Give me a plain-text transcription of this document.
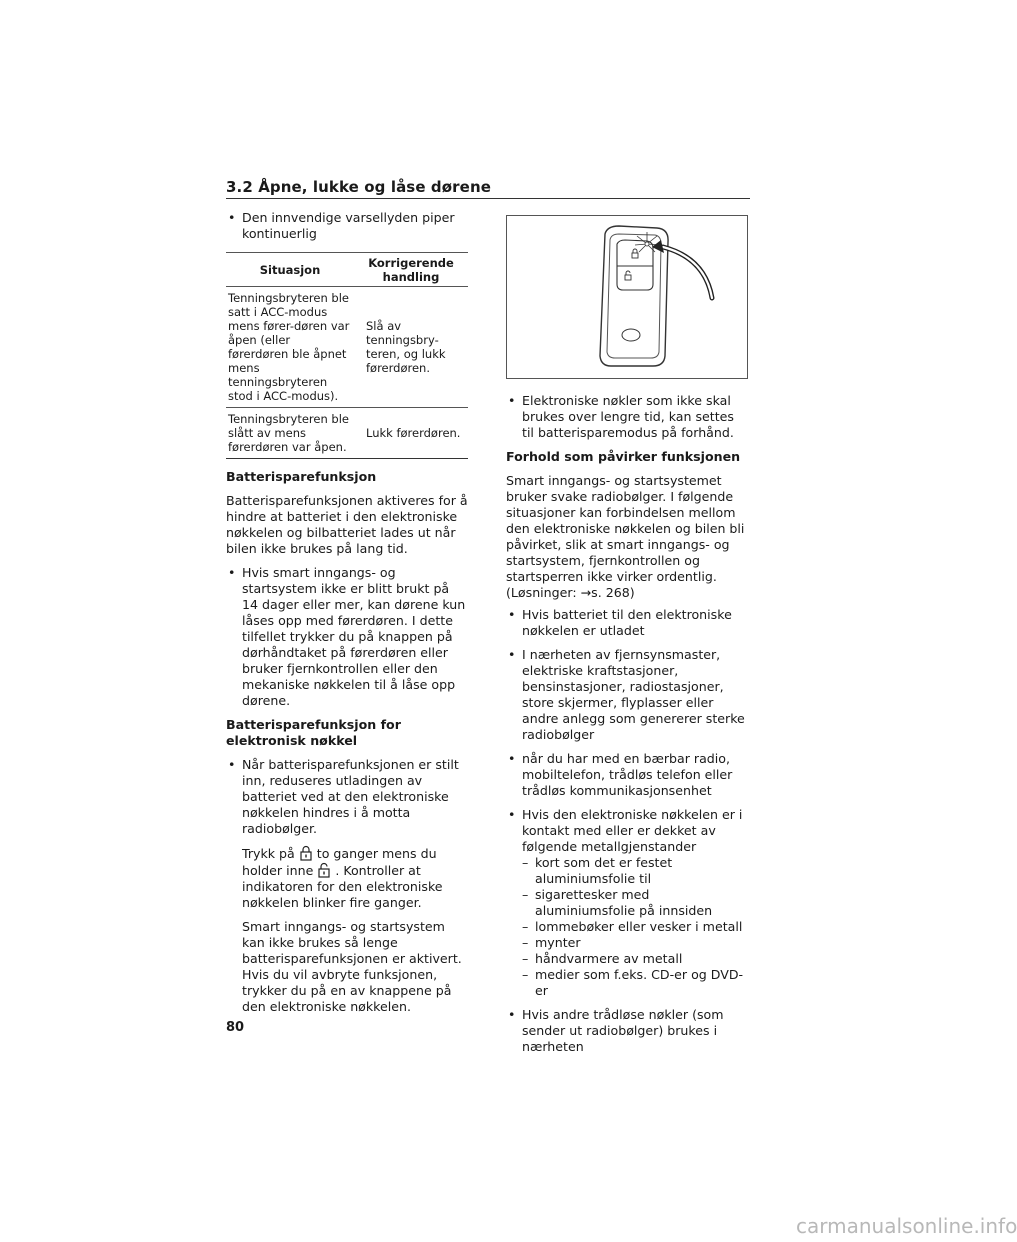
3.2 Åpne, lukke og låse dørene
• Den innvendige varsellyden piper kontinuerlig
Situasjon	Korrigerende handling
Tenningsbryteren ble satt i ACC-modus mens fører-døren var åpen (eller førerdøren ble åpnet mens tenningsbryteren stod i ACC-modus).	Slå av tenningsbry-teren, og lukk førerdøren.
Tenningsbryteren ble slått av mens førerdøren var åpen.	Lukk førerdøren.
Batterisparefunksjon

Batterisparefunksjonen aktiveres for å hindre at batteriet i den elektroniske nøkkelen og bilbatteriet lades ut når bilen ikke brukes på lang tid.

• Hvis smart inngangs- og startsystem ikke er blitt brukt på 14 dager eller mer, kan dørene kun låses opp med førerdøren. I dette tilfellet trykker du på knappen på dørhåndtaket på førerdøren eller bruker fjernkontrollen eller den mekaniske nøkkelen til å låse opp dørene.
Batterisparefunksjon for elektronisk nøkkel
• Når batterisparefunksjonen er stilt inn, reduseres utladingen av batteriet ved at den elektroniske nøkkelen hindres i å motta radiobølger.

Trykk på to ganger mens du holder inne . Kontroller at indikatoren for den elektroniske nøkkelen blinker fire ganger.

Smart inngangs- og startsystem kan ikke brukes så lenge batterisparefunksjonen er aktivert. Hvis du vil avbryte funksjonen, trykker du på en av knappene på den elektroniske nøkkelen.

• Elektroniske nøkler som ikke skal brukes over lengre tid, kan settes til batterisparemodus på forhånd.
Forhold som påvirker funksjonen

Smart inngangs- og startsystemet bruker svake radiobølger. I følgende situasjoner kan forbindelsen mellom den elektroniske nøkkelen og bilen bli påvirket, slik at smart inngangs- og startsystem, fjernkontrollen og startsperren ikke virker ordentlig.
(Løsninger: →s. 268)

• Hvis batteriet til den elektroniske nøkkelen er utladet
• I nærheten av fjernsynsmaster, elektriske kraftstasjoner, bensinstasjoner, radiostasjoner, store skjermer, flyplasser eller andre anlegg som genererer sterke radiobølger
• når du har med en bærbar radio, mobiltelefon, trådløs telefon eller trådløs kommunikasjonsenhet
• Hvis den elektroniske nøkkelen er i kontakt med eller er dekket av følgende metallgjenstander
– kort som det er festet aluminiumsfolie til
– sigarettesker med aluminiumsfolie på innsiden
– lommebøker eller vesker i metall
– mynter
– håndvarmere av metall
– medier som f.eks. CD-er og DVD-er
• Hvis andre trådløse nøkler (som sender ut radiobølger) brukes i nærheten
80
carmanualsonline.info
